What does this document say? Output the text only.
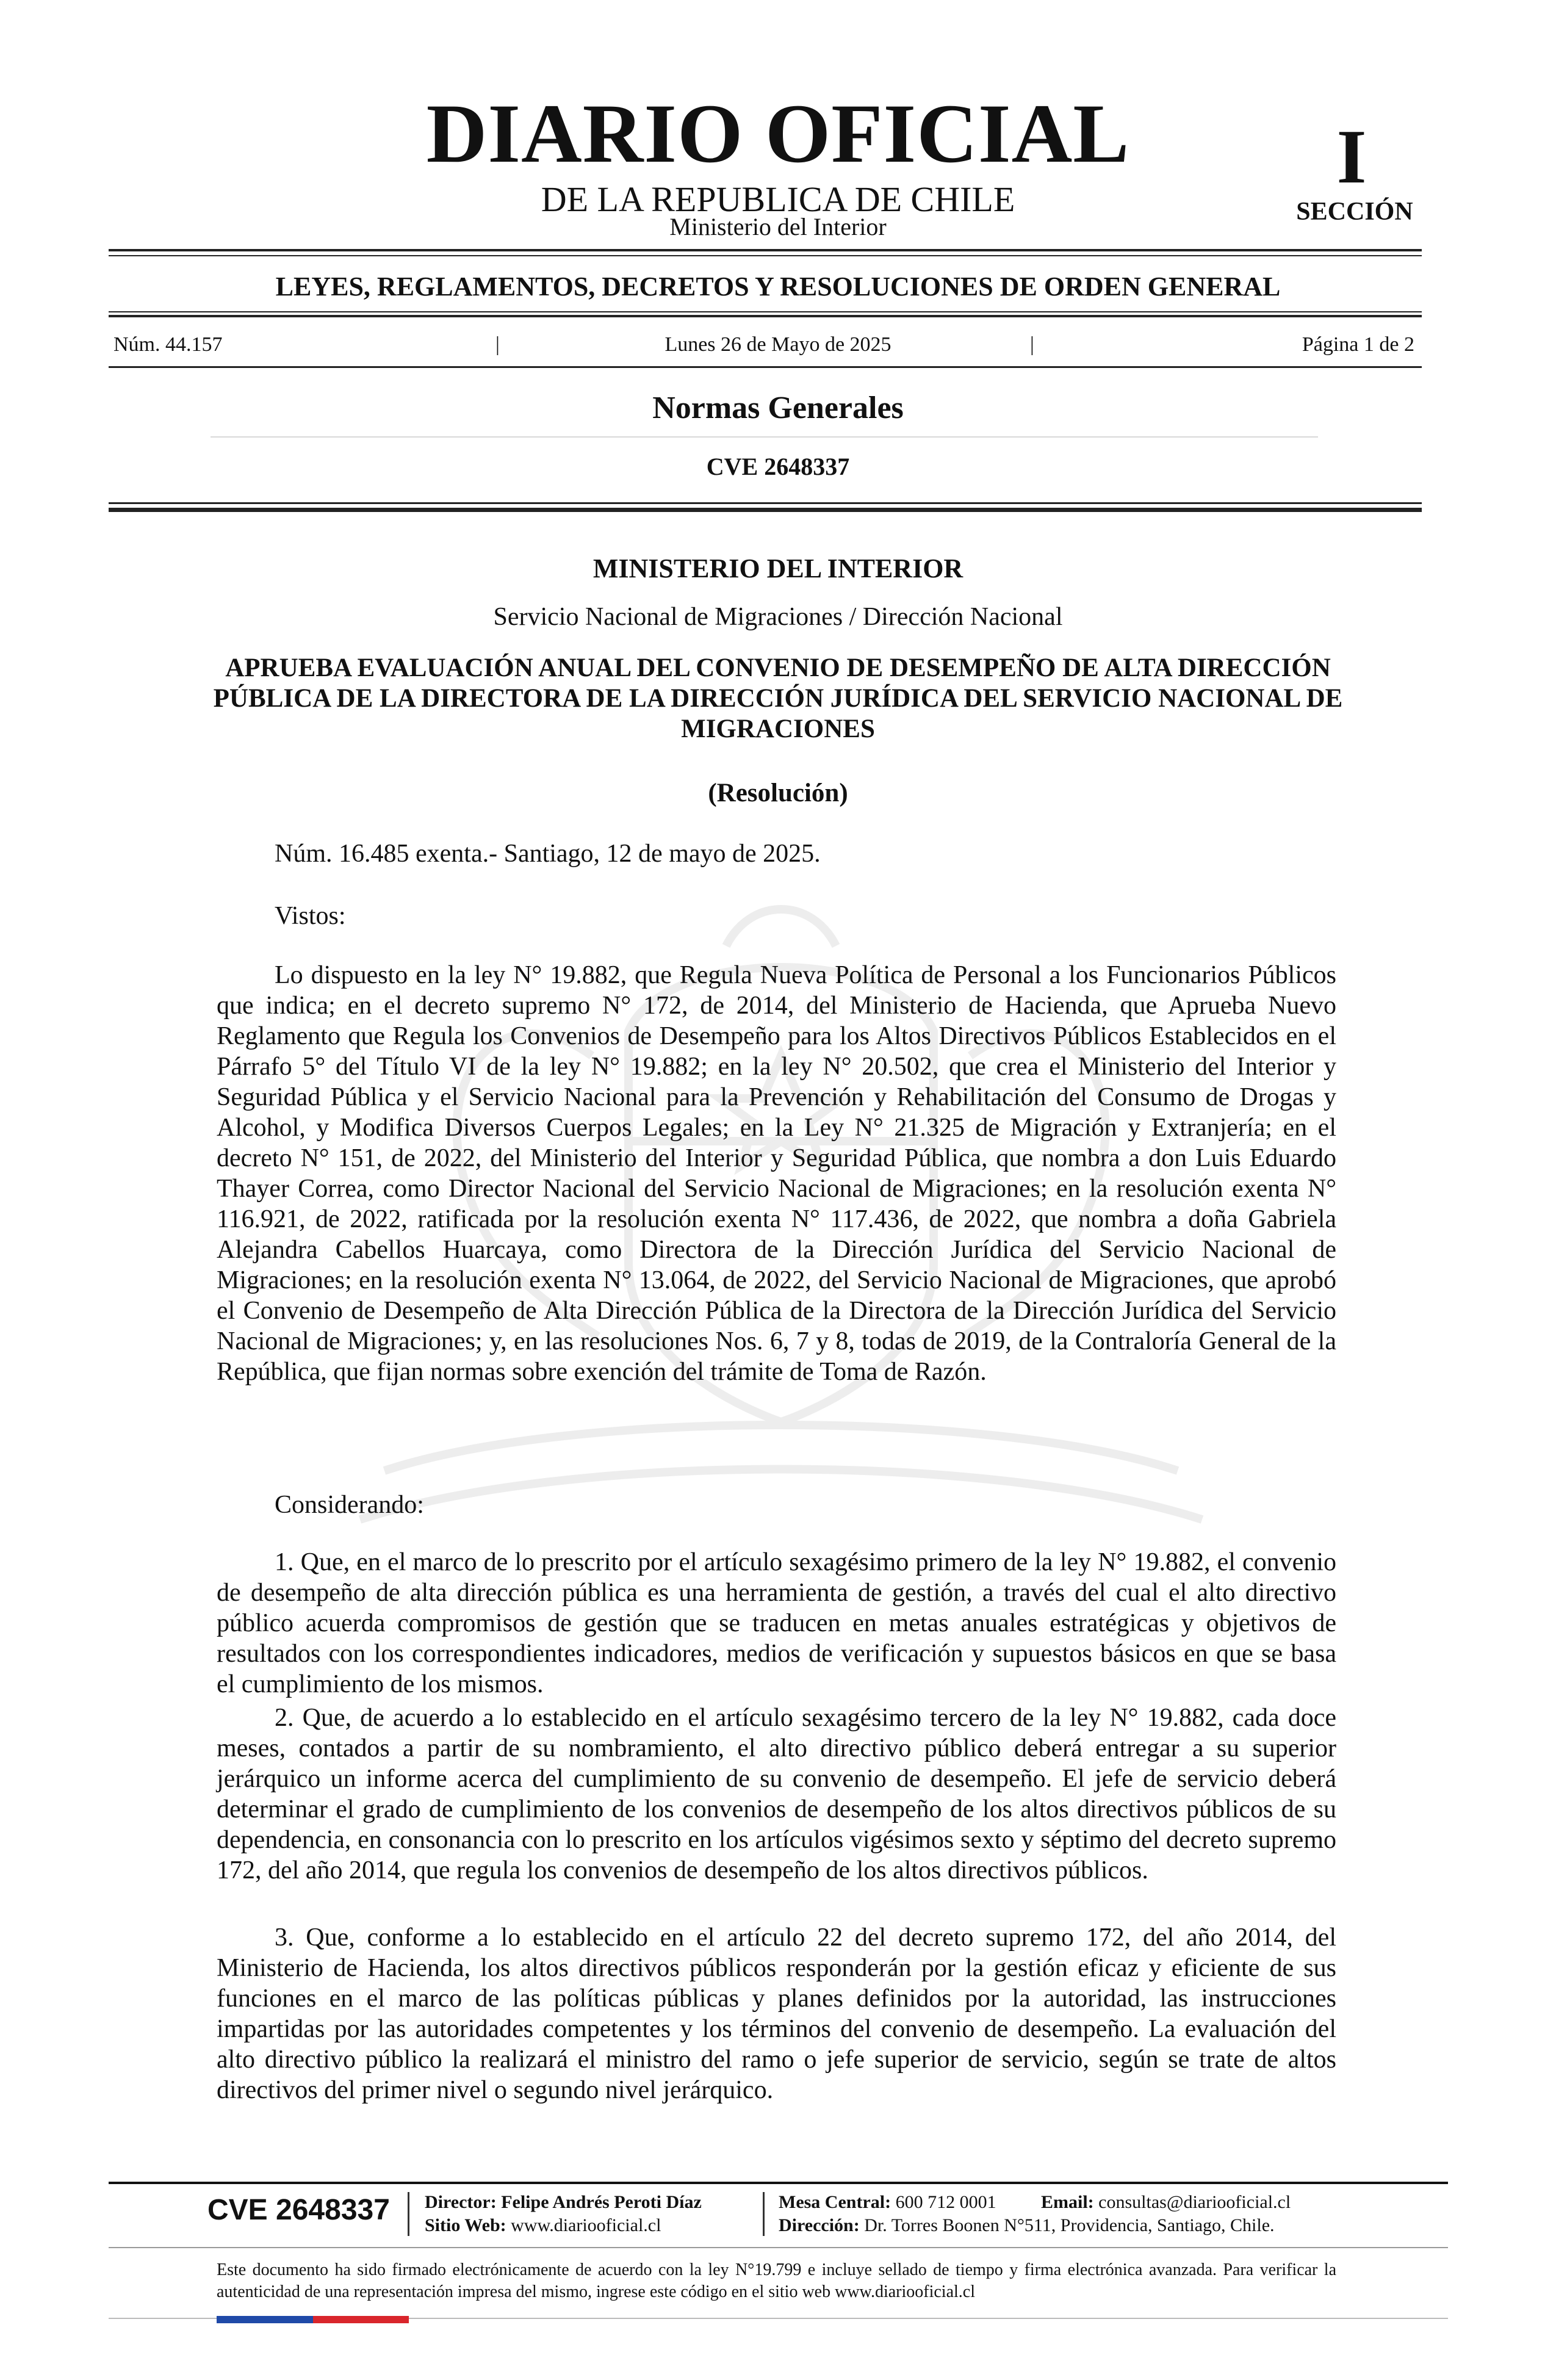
DIARIO OFICIAL
DE LA REPUBLICA DE CHILE
Ministerio del Interior
I
SECCIÓN
LEYES, REGLAMENTOS, DECRETOS Y RESOLUCIONES DE ORDEN GENERAL
Núm. 44.157	|	Lunes 26 de Mayo de 2025	|	Página 1 de 2
Normas Generales
CVE 2648337
MINISTERIO DEL INTERIOR
Servicio Nacional de Migraciones / Dirección Nacional
APRUEBA EVALUACIÓN ANUAL DEL CONVENIO DE DESEMPEÑO DE ALTA DIRECCIÓN PÚBLICA DE LA DIRECTORA DE LA DIRECCIÓN JURÍDICA DEL SERVICIO NACIONAL DE MIGRACIONES
(Resolución)
Núm. 16.485 exenta.- Santiago, 12 de mayo de 2025.
Vistos:
Lo dispuesto en la ley N° 19.882, que Regula Nueva Política de Personal a los Funcionarios Públicos que indica; en el decreto supremo N° 172, de 2014, del Ministerio de Hacienda, que Aprueba Nuevo Reglamento que Regula los Convenios de Desempeño para los Altos Directivos Públicos Establecidos en el Párrafo 5° del Título VI de la ley N° 19.882; en la ley N° 20.502, que crea el Ministerio del Interior y Seguridad Pública y el Servicio Nacional para la Prevención y Rehabilitación del Consumo de Drogas y Alcohol, y Modifica Diversos Cuerpos Legales; en la Ley N° 21.325 de Migración y Extranjería; en el decreto N° 151, de 2022, del Ministerio del Interior y Seguridad Pública, que nombra a don Luis Eduardo Thayer Correa, como Director Nacional del Servicio Nacional de Migraciones; en la resolución exenta N° 116.921, de 2022, ratificada por la resolución exenta N° 117.436, de 2022, que nombra a doña Gabriela Alejandra Cabellos Huarcaya, como Directora de la Dirección Jurídica del Servicio Nacional de Migraciones; en la resolución exenta N° 13.064, de 2022, del Servicio Nacional de Migraciones, que aprobó el Convenio de Desempeño de Alta Dirección Pública de la Directora de la Dirección Jurídica del Servicio Nacional de Migraciones; y, en las resoluciones Nos. 6, 7 y 8, todas de 2019, de la Contraloría General de la República, que fijan normas sobre exención del trámite de Toma de Razón.
Considerando:
1. Que, en el marco de lo prescrito por el artículo sexagésimo primero de la ley N° 19.882, el convenio de desempeño de alta dirección pública es una herramienta de gestión, a través del cual el alto directivo público acuerda compromisos de gestión que se traducen en metas anuales estratégicas y objetivos de resultados con los correspondientes indicadores, medios de verificación y supuestos básicos en que se basa el cumplimiento de los mismos.
2. Que, de acuerdo a lo establecido en el artículo sexagésimo tercero de la ley N° 19.882, cada doce meses, contados a partir de su nombramiento, el alto directivo público deberá entregar a su superior jerárquico un informe acerca del cumplimiento de su convenio de desempeño. El jefe de servicio deberá determinar el grado de cumplimiento de los convenios de desempeño de los altos directivos públicos de su dependencia, en consonancia con lo prescrito en los artículos vigésimos sexto y séptimo del decreto supremo 172, del año 2014, que regula los convenios de desempeño de los altos directivos públicos.
3. Que, conforme a lo establecido en el artículo 22 del decreto supremo 172, del año 2014, del Ministerio de Hacienda, los altos directivos públicos responderán por la gestión eficaz y eficiente de sus funciones en el marco de las políticas públicas y planes definidos por la autoridad, las instrucciones impartidas por las autoridades competentes y los términos del convenio de desempeño. La evaluación del alto directivo público la realizará el ministro del ramo o jefe superior de servicio, según se trate de altos directivos del primer nivel o segundo nivel jerárquico.
CVE 2648337 Director: Felipe Andrés Peroti Díaz
Sitio Web: www.diariooficial.cl
Mesa Central: 600 712 0001 Email: consultas@diariooficial.cl
Dirección: Dr. Torres Boonen N°511, Providencia, Santiago, Chile.
Este documento ha sido firmado electrónicamente de acuerdo con la ley N°19.799 e incluye sellado de tiempo y firma electrónica avanzada. Para verificar la autenticidad de una representación impresa del mismo, ingrese este código en el sitio web www.diariooficial.cl
